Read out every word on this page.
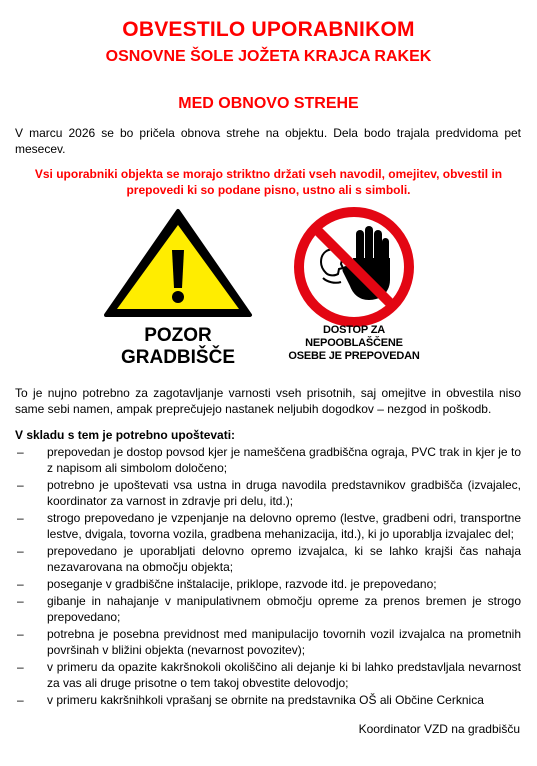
OBVESTILO UPORABNIKOM
OSNOVNE ŠOLE JOŽETA KRAJCA RAKEK
MED OBNOVO STREHE
V marcu 2026 se bo pričela obnova strehe na objektu. Dela bodo trajala predvidoma pet mesecev.
Vsi uporabniki objekta se morajo striktno držati vseh navodil, omejitev, obvestil in prepovedi ki so podane pisno, ustno ali s simboli.
POZOR
GRADBIŠČE
DOSTOP ZA
NEPOOBLAŠČENE
OSEBE JE PREPOVEDAN
To je nujno potrebno za zagotavljanje varnosti vseh prisotnih, saj omejitve in obvestila niso same sebi namen, ampak preprečujejo nastanek neljubih dogodkov – nezgod in poškodb.
V skladu s tem je potrebno upoštevati:
– prepovedan je dostop povsod kjer je nameščena gradbiščna ograja, PVC trak in kjer je to z napisom ali simbolom določeno;
– potrebno je upoštevati vsa ustna in druga navodila predstavnikov gradbišča (izvajalec, koordinator za varnost in zdravje pri delu, itd.);
– strogo prepovedano je vzpenjanje na delovno opremo (lestve, gradbeni odri, transportne lestve, dvigala, tovorna vozila, gradbena mehanizacija, itd.), ki jo uporablja izvajalec del;
– prepovedano je uporabljati delovno opremo izvajalca, ki se lahko krajši čas nahaja nezavarovana na območju objekta;
– poseganje v gradbiščne inštalacije, priklope, razvode itd. je prepovedano;
– gibanje in nahajanje v manipulativnem območju opreme za prenos bremen je strogo prepovedano;
– potrebna je posebna previdnost med manipulacijo tovornih vozil izvajalca na prometnih površinah v bližini objekta (nevarnost povozitev);
– v primeru da opazite kakršnokoli okoliščino ali dejanje ki bi lahko predstavljala nevarnost za vas ali druge prisotne o tem takoj obvestite delovodjo;
– v primeru kakršnihkoli vprašanj se obrnite na predstavnika OŠ ali Občine Cerknica
Koordinator VZD na gradbišču
